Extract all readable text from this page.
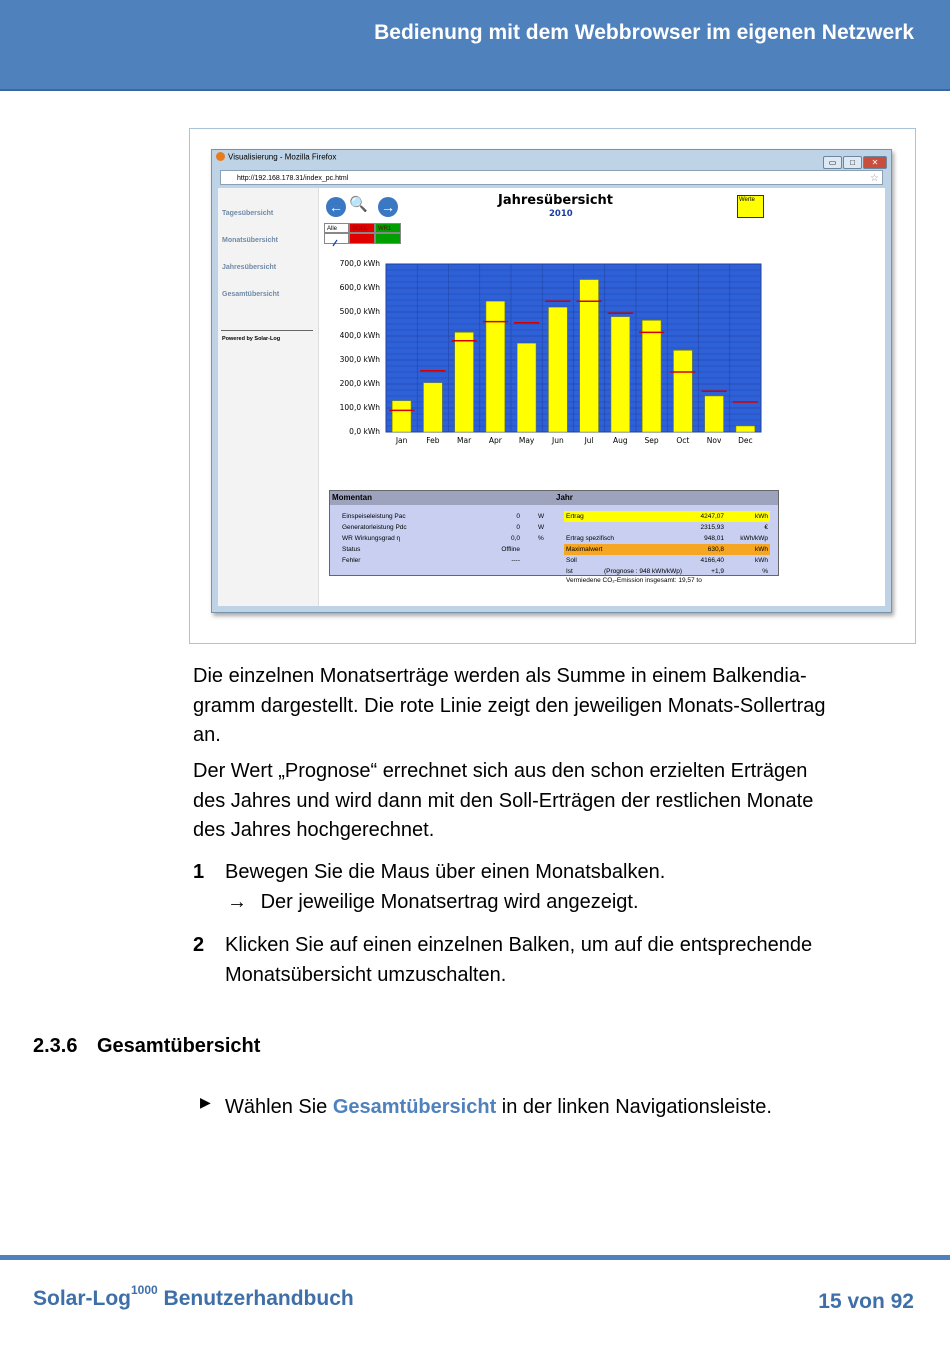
Bedienung mit dem Webbrowser im eigenen Netzwerk
Visualisierung - Mozilla Firefox
▭ □ ✕
http://192.168.178.31/index_pc.html	☆
Tagesübersicht
Monatsübersicht
Jahresübersicht
Gesamtübersicht
Powered by Solar-Log
← 🔍 →
Alle	SOLL	WR1
Jahresübersicht
2010
Werte
0,0 kWh
100,0 kWh
200,0 kWh
300,0 kWh
400,0 kWh
500,0 kWh
600,0 kWh
700,0 kWh
Jan	Feb Mar Apr May Jun	Jul	Aug Sep Oct Nov Dec
Momentan	Jahr
Einspeiseleistung Pac	0	W
Generatorleistung Pdc	0	W
WR Wirkungsgrad η	0,0	%
Status	Offline
Fehler	----
Ertrag	4247,07	kWh
2315,93	€
Ertrag spezifisch	948,01 kWh/kWp
Maximalwert	630,8	kWh
Soll	4166,40	kWh
Ist	+1,9	%
(Prognose : 948 kWh/kWp)
Vermiedene CO₂-Emission insgesamt: 19,57 to
Die einzelnen Monatserträge werden als Summe in einem Balkendia-
gramm dargestellt. Die rote Linie zeigt den jeweiligen Monats-Sollertrag
an.
Der Wert „Prognose“ errechnet sich aus den schon erzielten Erträgen
des Jahres und wird dann mit den Soll-Erträgen der restlichen Monate
des Jahres hochgerechnet.
1 Bewegen Sie die Maus über einen Monatsbalken.
→ Der jeweilige Monatsertrag wird angezeigt.
2 Klicken Sie auf einen einzelnen Balken, um auf die entsprechende
Monatsübersicht umzuschalten.
2.3.6 Gesamtübersicht
▶ Wählen Sie Gesamtübersicht in der linken Navigationsleiste.
Solar-Log$^{1000}$ Benutzerhandbuch	15 von 92
